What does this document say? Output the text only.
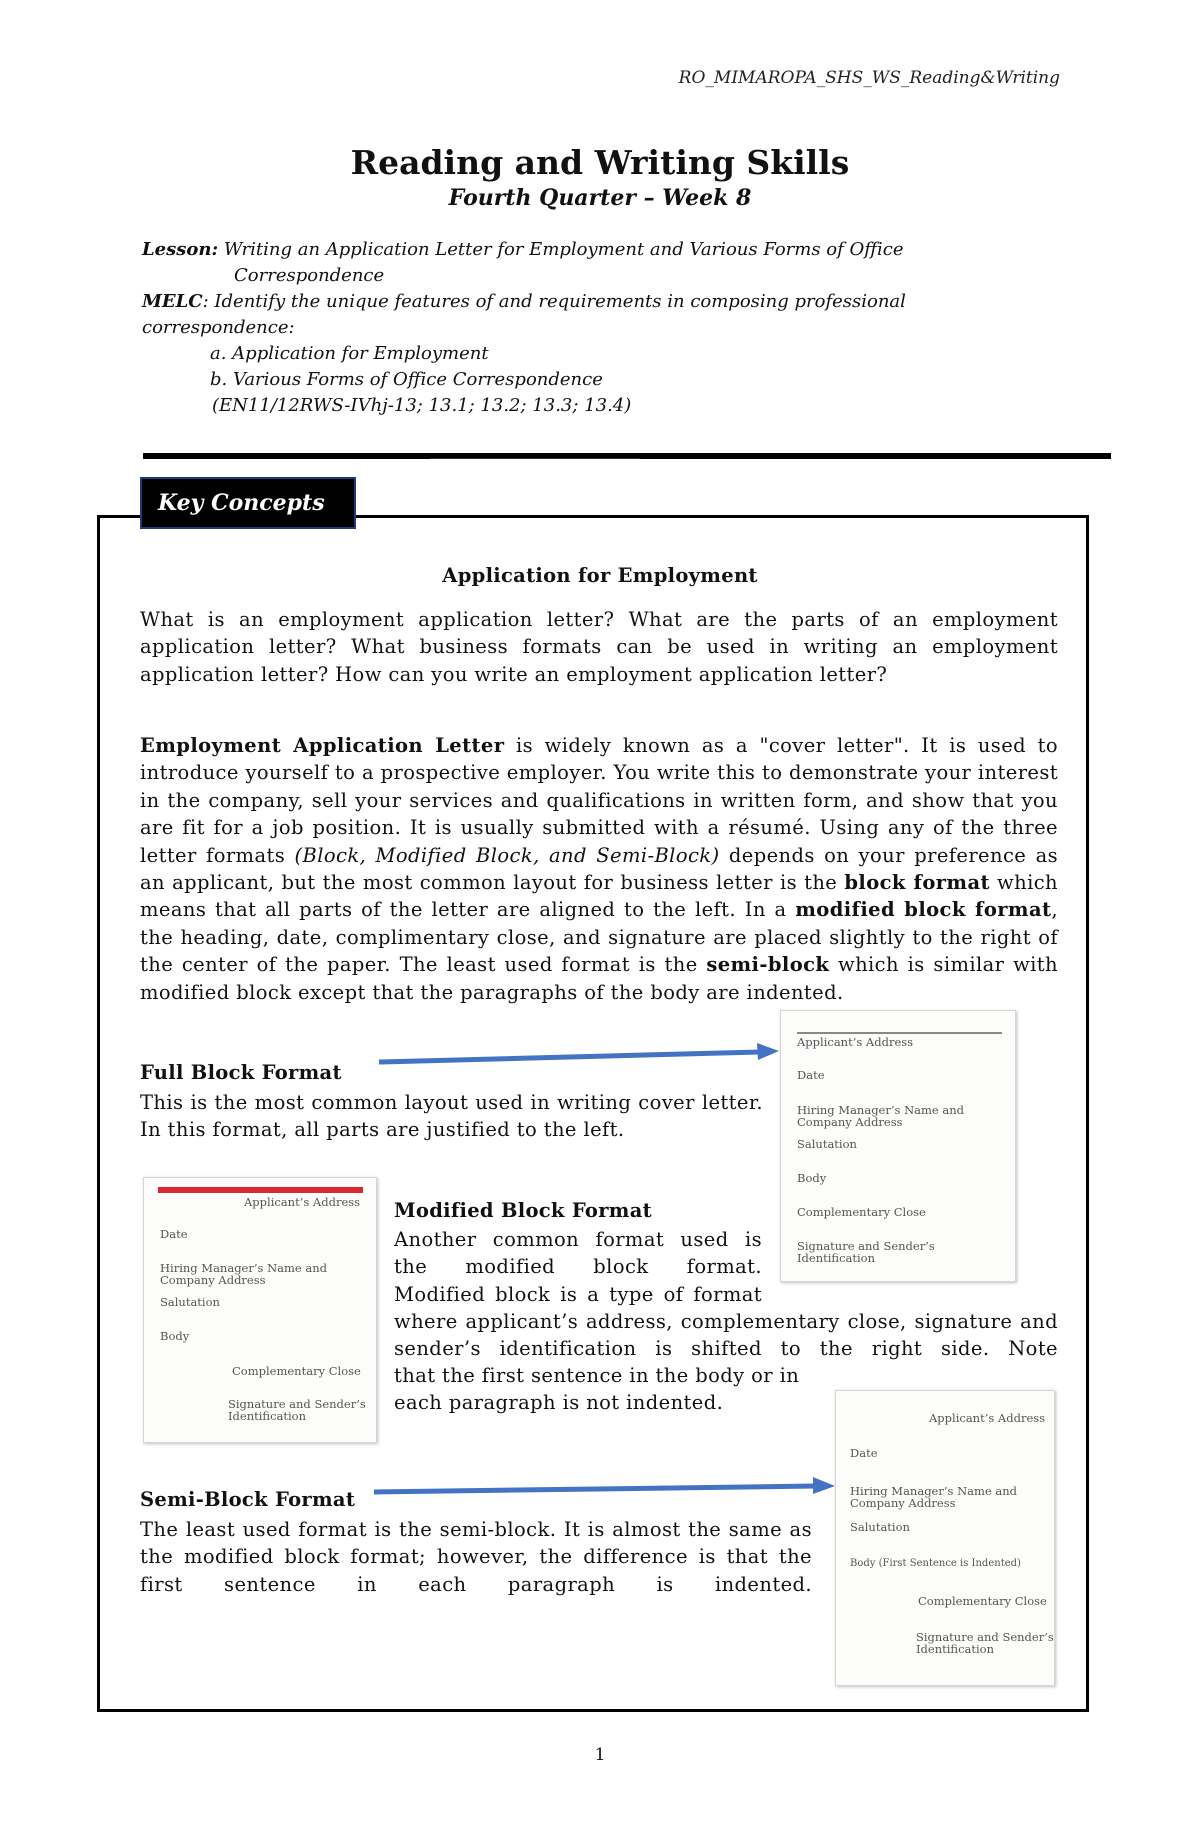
RO_MIMAROPA_SHS_WS_Reading&Writing
Reading and Writing Skills
Fourth Quarter – Week 8
Lesson: Writing an Application Letter for Employment and Various Forms of Office
Correspondence
MELC: Identify the unique features of and requirements in composing professional
correspondence:
a. Application for Employment
b. Various Forms of Office Correspondence
(EN11/12RWS-IVhj-13; 13.1; 13.2; 13.3; 13.4)
Key Concepts
Application for Employment
What is an employment application letter? What are the parts of an employment application letter? What business formats can be used in writing an employment application letter? How can you write an employment application letter?
Employment Application Letter is widely known as a "cover letter". It is used to introduce yourself to a prospective employer. You write this to demonstrate your interest in the company, sell your services and qualifications in written form, and show that you are fit for a job position. It is usually submitted with a résumé. Using any of the three letter formats (Block, Modified Block, and Semi-Block) depends on your preference as an applicant, but the most common layout for business letter is the block format which means that all parts of the letter are aligned to the left. In a modified block format, the heading, date, complimentary close, and signature are placed slightly to the right of the center of the paper. The least used format is the semi-block which is similar with modified block except that the paragraphs of the body are indented.
Full Block Format
This is the most common layout used in writing cover letter. In this format, all parts are justified to the left.
Applicant’s Address
Date
Hiring Manager’s Name and
Company Address
Salutation
Body
Complementary Close
Signature and Sender’s
Identification
Applicant’s Address
Date
Hiring Manager’s Name and
Company Address
Salutation
Body
Complementary Close
Signature and Sender’s
Identification
Modified Block Format
Another common format used is the modified block format. Modified block is a type of format
where applicant’s address, complementary close, signature and sender’s identification is shifted to the right side. Note
that the first sentence in the body or in
each paragraph is not indented.
Applicant’s Address
Date
Hiring Manager’s Name and
Company Address
Salutation
Body (First Sentence is Indented)
Complementary Close
Signature and Sender’s
Identification
Semi-Block Format
The least used format is the semi-block. It is almost the same as the modified block format; however, the difference is that the first sentence in each paragraph is indented.
1
